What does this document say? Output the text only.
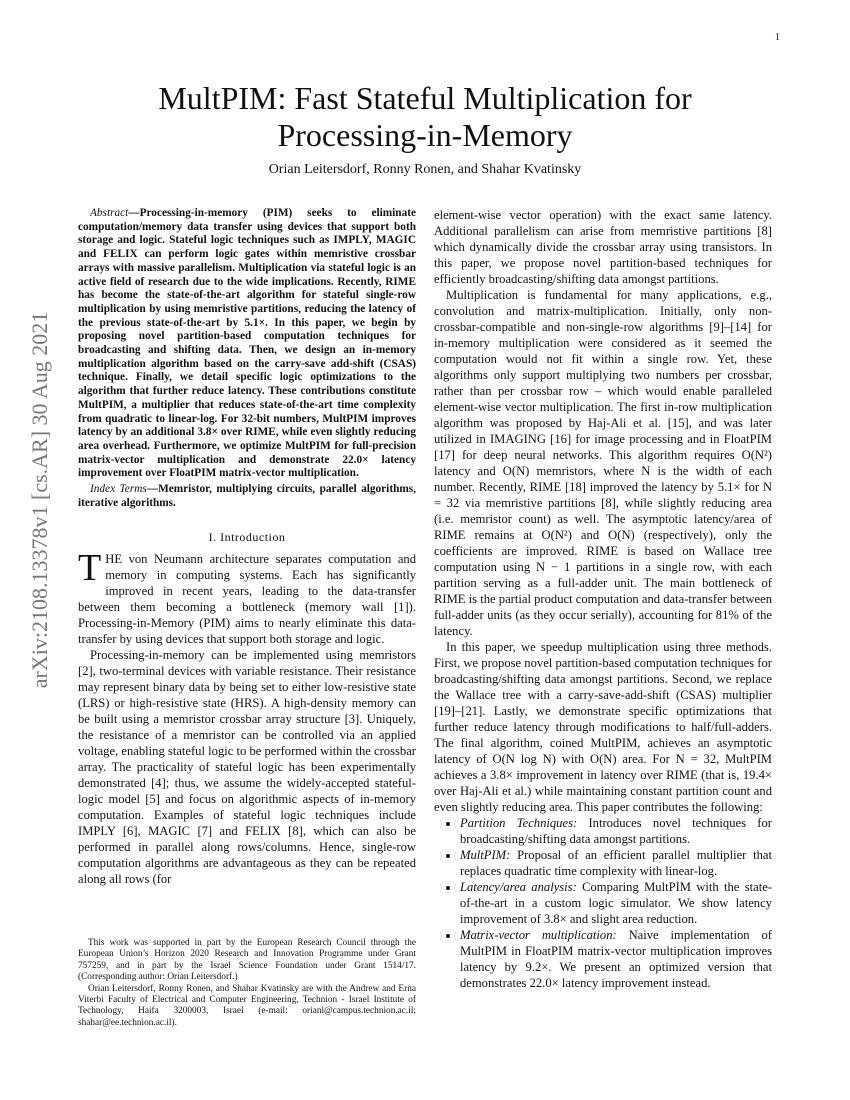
1
arXiv:2108.13378v1 [cs.AR] 30 Aug 2021
MultPIM: Fast Stateful Multiplication for
Processing-in-Memory
Orian Leitersdorf, Ronny Ronen, and Shahar Kvatinsky

Abstract—Processing-in-memory (PIM) seeks to eliminate computation/memory data transfer using devices that support both storage and logic. Stateful logic techniques such as IMPLY, MAGIC and FELIX can perform logic gates within memristive crossbar arrays with massive parallelism. Multiplication via stateful logic is an active field of research due to the wide implications. Recently, RIME has become the state-of-the-art algorithm for stateful single-row multiplication by using memristive partitions, reducing the latency of the previous state-of-the-art by 5.1×. In this paper, we begin by proposing novel partition-based computation techniques for broadcasting and shifting data. Then, we design an in-memory multiplication algorithm based on the carry-save add-shift (CSAS) technique. Finally, we detail specific logic optimizations to the algorithm that further reduce latency. These contributions constitute MultPIM, a multiplier that reduces state-of-the-art time complexity from quadratic to linear-log. For 32-bit numbers, MultPIM improves latency by an additional 3.8× over RIME, while even slightly reducing area overhead. Furthermore, we optimize MultPIM for full-precision matrix-vector multiplication and demonstrate 22.0× latency improvement over FloatPIM matrix-vector multiplication.

Index Terms—Memristor, multiplying circuits, parallel algorithms, iterative algorithms.

I. Introduction

THE von Neumann architecture separates computation and memory in computing systems. Each has significantly improved in recent years, leading to the data-transfer between them becoming a bottleneck (memory wall [1]). Processing-in-Memory (PIM) aims to nearly eliminate this data-transfer by using devices that support both storage and logic.

Processing-in-memory can be implemented using memristors [2], two-terminal devices with variable resistance. Their resistance may represent binary data by being set to either low-resistive state (LRS) or high-resistive state (HRS). A high-density memory can be built using a memristor crossbar array structure [3]. Uniquely, the resistance of a memristor can be controlled via an applied voltage, enabling stateful logic to be performed within the crossbar array. The practicality of stateful logic has been experimentally demonstrated [4]; thus, we assume the widely-accepted stateful-logic model [5] and focus on algorithmic aspects of in-memory computation. Examples of stateful logic techniques include IMPLY [6], MAGIC [7] and FELIX [8], which can also be performed in parallel along rows/columns. Hence, single-row computation algorithms are advantageous as they can be repeated along all rows (for

This work was supported in part by the European Research Council through the European Union’s Horizon 2020 Research and Innovation Programme under Grant 757259, and in part by the Israel Science Foundation under Grant 1514/17. (Corresponding author: Orian Leitersdorf.)

Orian Leitersdorf, Ronny Ronen, and Shahar Kvatinsky are with the Andrew and Erna Viterbi Faculty of Electrical and Computer Engineering, Technion - Israel Institute of Technology, Haifa 3200003, Israel (e-mail: orianl@campus.technion.ac.il; shahar@ee.technion.ac.il).

element-wise vector operation) with the exact same latency. Additional parallelism can arise from memristive partitions [8] which dynamically divide the crossbar array using transistors. In this paper, we propose novel partition-based techniques for efficiently broadcasting/shifting data amongst partitions.

Multiplication is fundamental for many applications, e.g., convolution and matrix-multiplication. Initially, only non-crossbar-compatible and non-single-row algorithms [9]–[14] for in-memory multiplication were considered as it seemed the computation would not fit within a single row. Yet, these algorithms only support multiplying two numbers per crossbar, rather than per crossbar row – which would enable paralleled element-wise vector multiplication. The first in-row multiplication algorithm was proposed by Haj-Ali et al. [15], and was later utilized in IMAGING [16] for image processing and in FloatPIM [17] for deep neural networks. This algorithm requires O(N²) latency and O(N) memristors, where N is the width of each number. Recently, RIME [18] improved the latency by 5.1× for N = 32 via memristive partitions [8], while slightly reducing area (i.e. memristor count) as well. The asymptotic latency/area of RIME remains at O(N²) and O(N) (respectively), only the coefficients are improved. RIME is based on Wallace tree computation using N − 1 partitions in a single row, with each partition serving as a full-adder unit. The main bottleneck of RIME is the partial product computation and data-transfer between full-adder units (as they occur serially), accounting for 81% of the latency.

In this paper, we speedup multiplication using three methods. First, we propose novel partition-based computation techniques for broadcasting/shifting data amongst partitions. Second, we replace the Wallace tree with a carry-save-add-shift (CSAS) multiplier [19]–[21]. Lastly, we demonstrate specific optimizations that further reduce latency through modifications to half/full-adders. The final algorithm, coined MultPIM, achieves an asymptotic latency of O(N log N) with O(N) area. For N = 32, MultPIM achieves a 3.8× improvement in latency over RIME (that is, 19.4× over Haj-Ali et al.) while maintaining constant partition count and even slightly reducing area. This paper contributes the following:

• Partition Techniques: Introduces novel techniques for broadcasting/shifting data amongst partitions.
• MultPIM: Proposal of an efficient parallel multiplier that replaces quadratic time complexity with linear-log.
• Latency/area analysis: Comparing MultPIM with the state-of-the-art in a custom logic simulator. We show latency improvement of 3.8× and slight area reduction.
• Matrix-vector multiplication: Naive implementation of MultPIM in FloatPIM matrix-vector multiplication improves latency by 9.2×. We present an optimized version that demonstrates 22.0× latency improvement instead.
